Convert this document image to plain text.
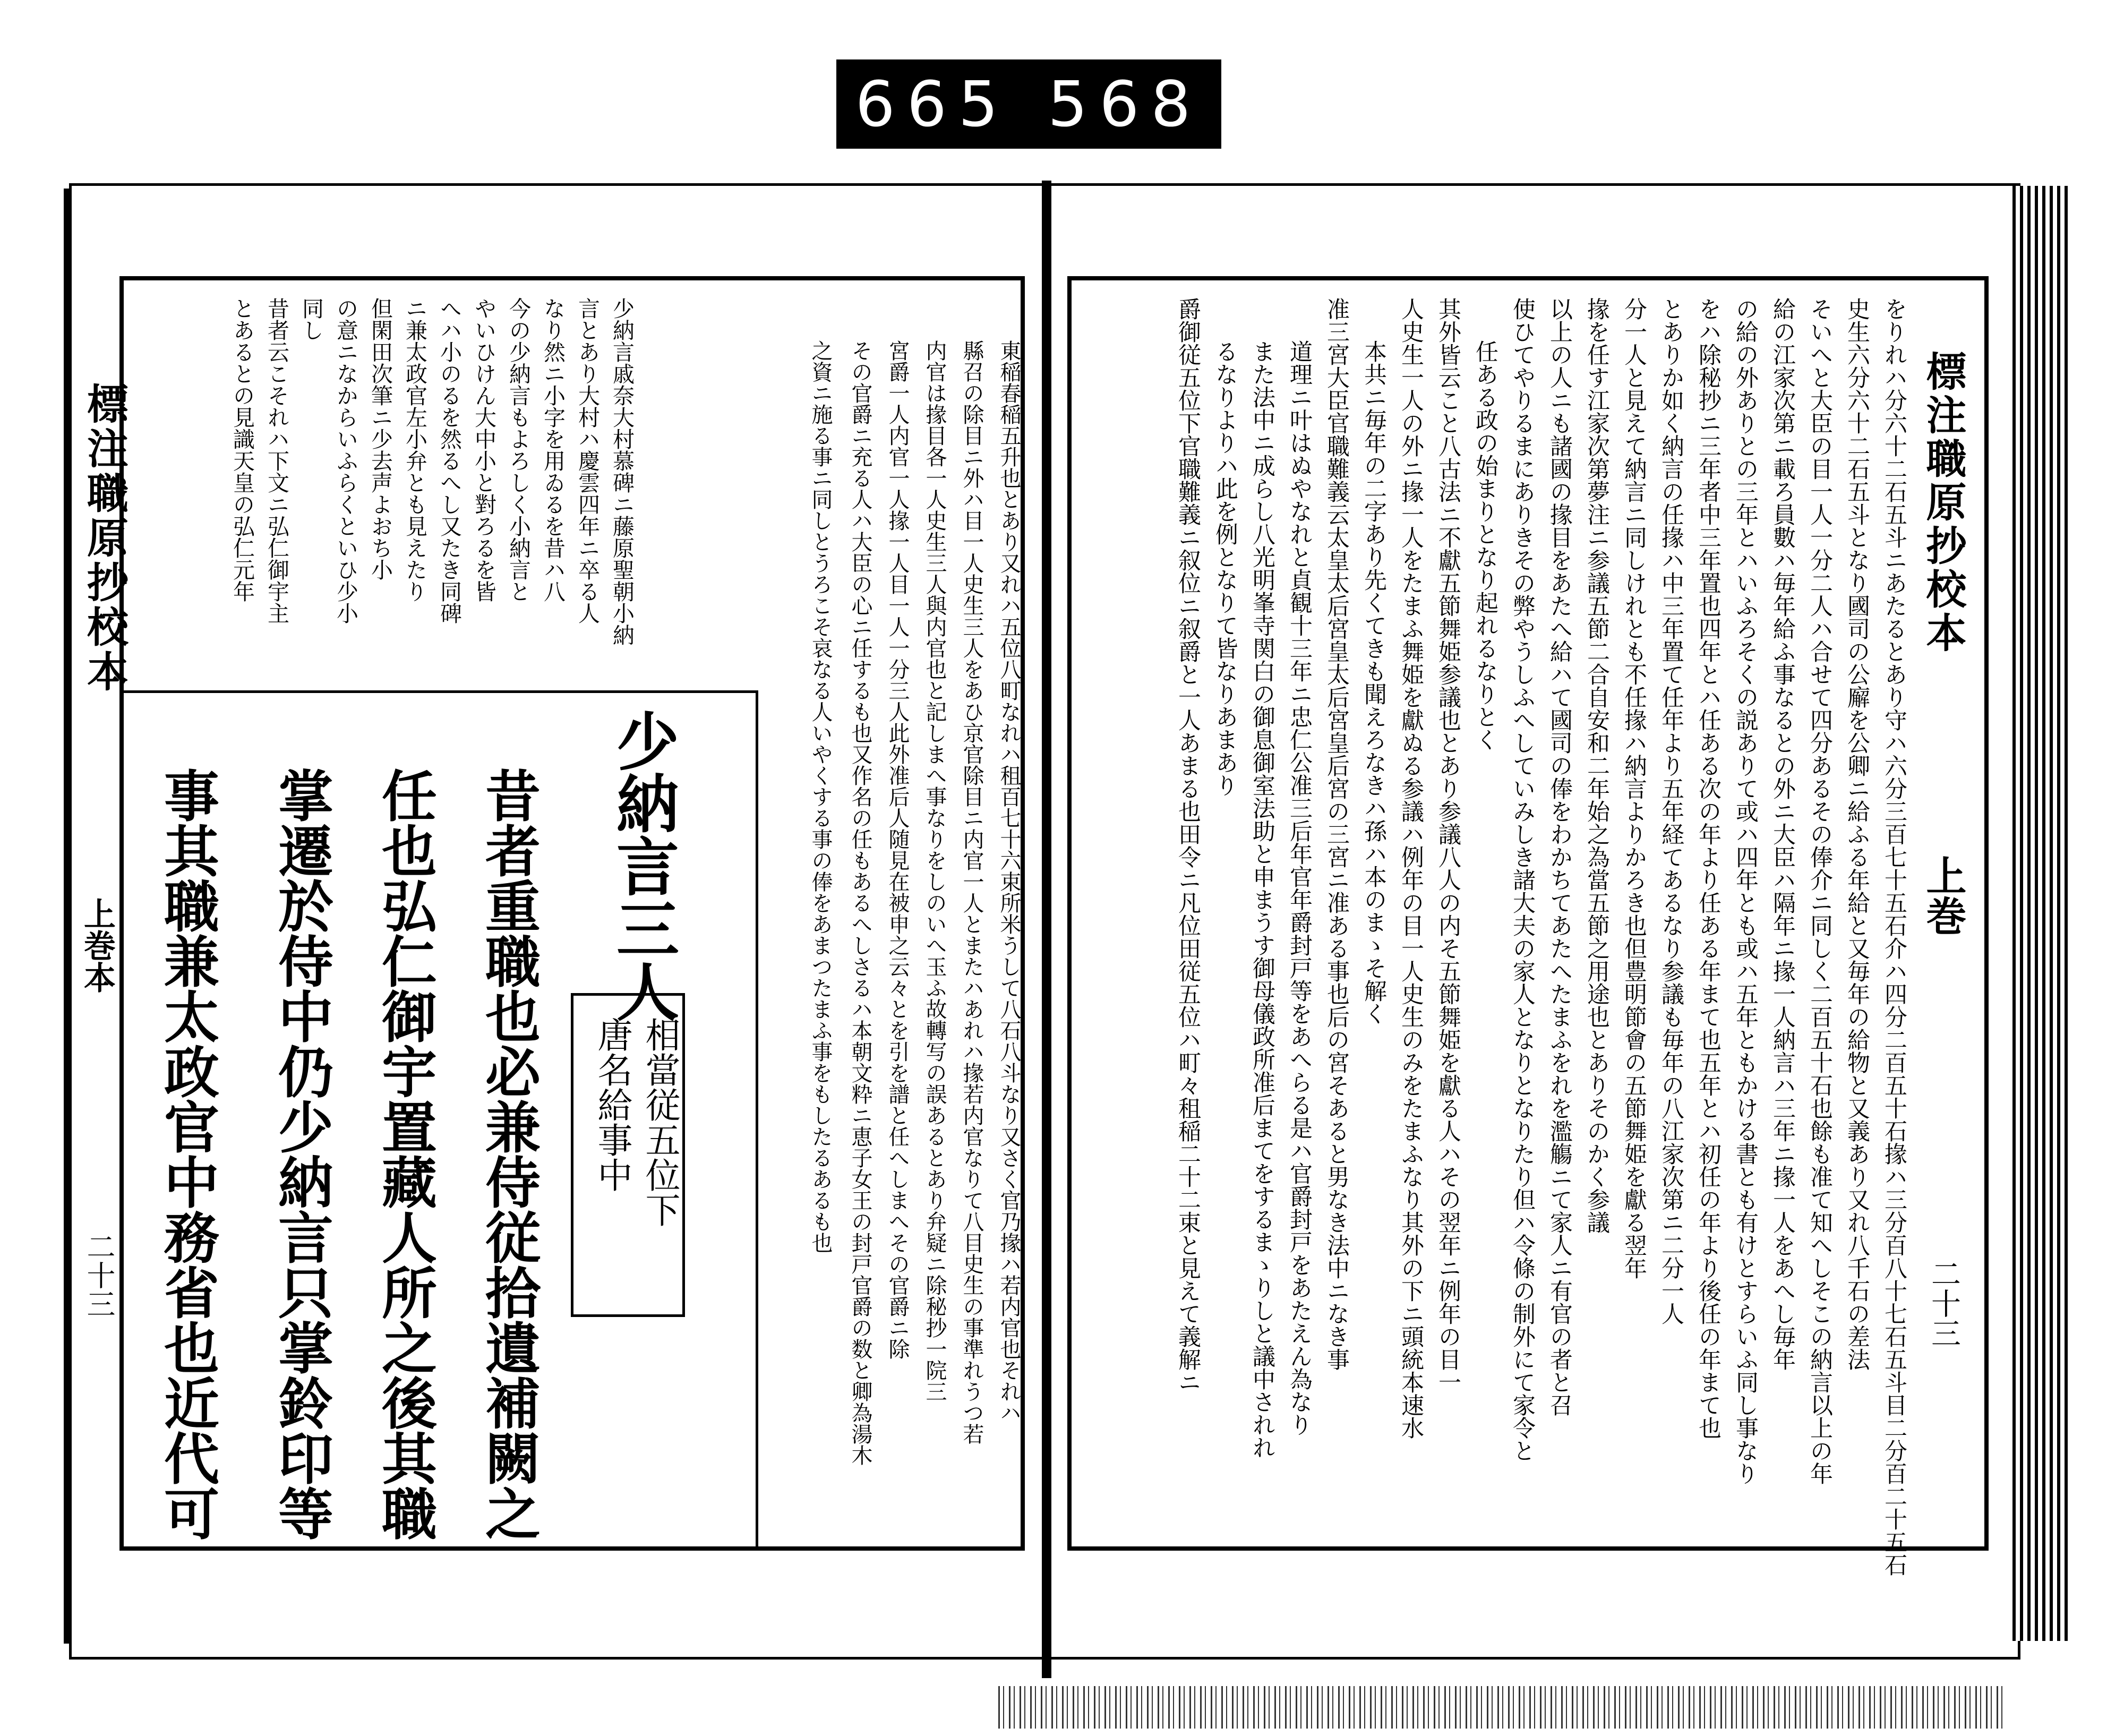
665 568
標注職原抄校本
上巻
二十三
標注職原抄校本
上巻本
二十三	をりれハ分六十二石五斗ニあたるとあり守ハ六分三百七十五石介ハ四分二百五十石掾ハ三分百八十七石五斗目二分百二十五石
史生六分六十二石五斗となり國司の公廨を公卿ニ給ふる年給と又毎年の給物と又義あり又れ八千石の差法
そいへと大臣の目一人一分二人ハ合せて四分あるその俸介ニ同しく二百五十石也餘も准て知へしそこの納言以上の年
給の江家次第ニ載ろ員數ハ毎年給ふ事なるとの外ニ大臣ハ隔年ニ掾一人納言ハ三年ニ掾一人をあへし毎年
の給の外ありとの三年とハいふろそくの説ありて或ハ四年とも或ハ五年ともかける書とも有けとすらいふ同し事なり
をハ除秘抄ニ三年者中三年置也四年とハ任ある次の年より任ある年まて也五年とハ初任の年より後任の年まて也
とありか如く納言の任掾ハ中三年置て任年より五年経てあるなり参議も毎年の八江家次第ニ二分一人
分一人と見えて納言ニ同しけれとも不任掾ハ納言よりかろき也但豊明節會の五節舞姫を獻る翌年
掾を任す江家次第夢注ニ参議五節二合自安和二年始之為當五節之用途也とありそのかく参議
以上の人ニも諸國の掾目をあたへ給ハて國司の俸をわかちてあたへたまふをれを濫觴ニて家人ニ有官の者と召
使ひてやりるまにありきその弊やうしふへしていみしき諸大夫の家人となりとなりたり但ハ令條の制外にて家令と
任ある政の始まりとなり起れるなりとく
其外皆云こと八古法ニ不獻五節舞姫参議也とあり参議八人の内そ五節舞姫を獻る人ハその翌年ニ例年の目一
人史生一人の外ニ掾一人をたまふ舞姫を獻ぬる参議ハ例年の目一人史生のみをたまふなり其外の下ニ頭統本速水
本共ニ毎年の二字あり先くてきも聞えろなきハ孫ハ本のまゝそ解く
准三宮大臣官職難義云太皇太后宮皇太后宮皇后宮の三宮ニ准ある事也后の宮そあると男なき法中ニなき事
道理ニ叶はぬやなれと貞観十三年ニ忠仁公准三后年官年爵封戸等をあへらる是ハ官爵封戸をあたえん為なり
また法中ニ成らし八光明峯寺関白の御息御室法助と申まうす御母儀政所准后まてをするまゝりしと議中されれ
るなりよりハ此を例となりて皆なりあまあり
爵御従五位下官職難義ニ叙位ニ叙爵と一人あまる也田令ニ凡位田従五位ハ町々租稲二十二束と見えて義解ニ
東稲春稲五升也とあり又れハ五位八町なれハ租百七十六束所米うして八石八斗なり又さく官乃掾ハ若内官也それハ
縣召の除目ニ外ハ目一人史生三人をあひ京官除目ニ内官一人とまたハあれハ掾若内官なりて八目史生の事準れうつ若
内官は掾目各一人史生三人與内官也と記しまへ事なりをしのいへ玉ふ故轉写の誤あるとあり弁疑ニ除秘抄一院三
宮爵一人内官一人掾一人目一人一分三人此外准后人随見在被申之云々とを引を譜と任へしまへその官爵ニ除
その官爵ニ充る人ハ大臣の心ニ任するも也又作名の任もあるへしさるハ本朝文粋ニ恵子女王の封戸官爵の数と卿為湯木
之資ニ施る事ニ同しとうろこそ哀なる人いやくする事の俸をあまつたまふ事をもしたるあるも也
少納言戚奈大村慕碑ニ藤原聖朝小納
言とあり大村ハ慶雲四年ニ卒る人
なり然ニ小字を用ゐるを昔ハ八
今の少納言もよろしく小納言と
やいひけん大中小と對ろるを皆
へハ小のるを然るへし又たき同碑
ニ兼太政官左小弁とも見えたり
但閑田次筆ニ少去声よおち小
の意ニなからいふらくといひ少小
同し
昔者云こそれハ下文ニ弘仁御宇主
とあるとの見識天皇の弘仁元年
少納言三人
相當従五位下
唐名給事中
昔者重職也必兼侍従拾遺補闕之
任也弘仁御宇置藏人所之後其職
掌遷於侍中仍少納言只掌鈴印等
事其職兼太政官中務省也近代可
